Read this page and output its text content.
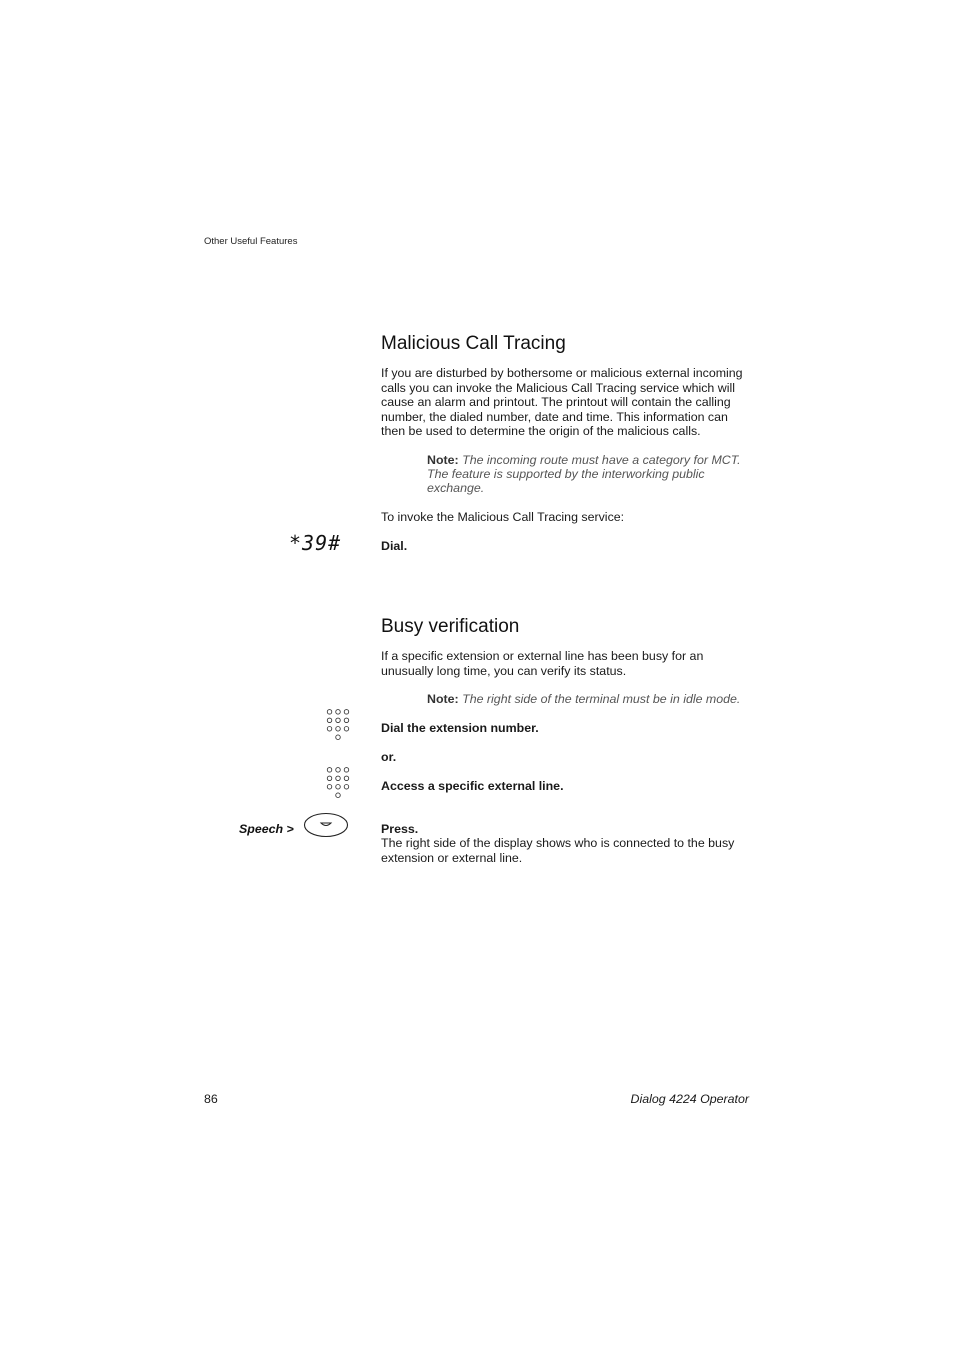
Other Useful Features
Malicious Call Tracing
If you are disturbed by bothersome or malicious external incoming calls you can invoke the Malicious Call Tracing service which will cause an alarm and printout. The printout will contain the calling number, the dialed number, date and time. This information can then be used to determine the origin of the malicious calls.
Note: The incoming route must have a category for MCT. The feature is supported by the interworking public exchange.
To invoke the Malicious Call Tracing service:
*39#	Dial.
Busy verification
If a specific extension or external line has been busy for an unusually long time, you can verify its status.
Note: The right side of the terminal must be in idle mode.
Dial the extension number.
or.
Access a specific external line.
Speech >	Press.
The right side of the display shows who is connected to the busy extension or external line.
86	Dialog 4224 Operator
